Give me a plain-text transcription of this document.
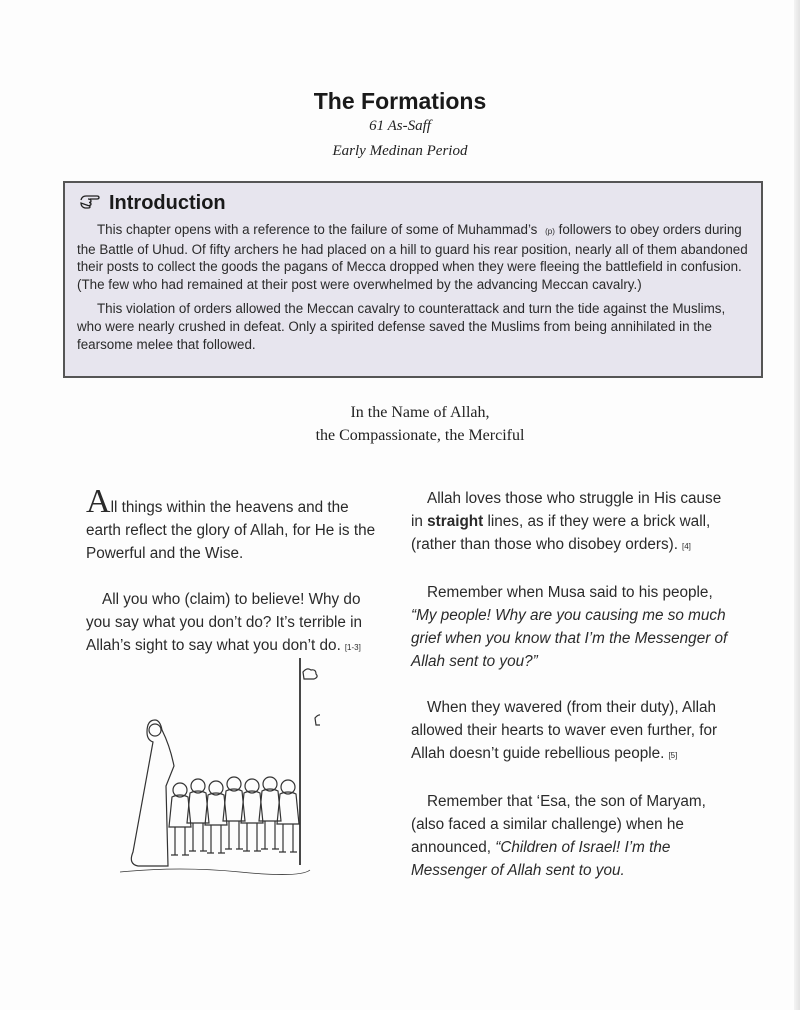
The Formations
61 As-Saff
Early Medinan Period
Introduction

This chapter opens with a reference to the failure of some of Muhammad’s (p) followers to obey orders during the Battle of Uhud. Of fifty archers he had placed on a hill to guard his rear position, nearly all of them abandoned their posts to collect the goods the pagans of Mecca dropped when they were fleeing the battlefield in confusion. (The few who had remained at their post were overwhelmed by the advancing Meccan cavalry.)

This violation of orders allowed the Meccan cavalry to counterattack and turn the tide against the Muslims, who were nearly crushed in defeat. Only a spirited defense saved the Muslims from being annihilated in the fearsome melee that followed.

In the Name of Allah,
the Compassionate, the Merciful

All things within the heavens and the earth reflect the glory of Allah, for He is the Powerful and the Wise.

All you who (claim) to believe! Why do you say what you don’t do? It’s terrible in Allah’s sight to say what you don’t do. [1-3]

Allah loves those who struggle in His cause in straight lines, as if they were a brick wall, (rather than those who disobey orders). [4]

Remember when Musa said to his people, “My people! Why are you causing me so much grief when you know that I’m the Messenger of Allah sent to you?”

When they wavered (from their duty), Allah allowed their hearts to waver even further, for Allah doesn’t guide rebellious people. [5]

Remember that ‘Esa, the son of Maryam, (also faced a similar challenge) when he announced, “Children of Israel! I’m the Messenger of Allah sent to you.
